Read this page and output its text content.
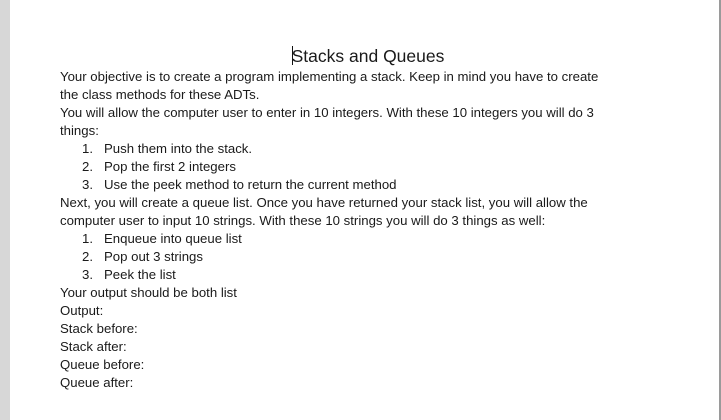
Stacks and Queues

Your objective is to create a program implementing a stack. Keep in mind you have to create

the class methods for these ADTs.

You will allow the computer user to enter in 10 integers. With these 10 integers you will do 3

things:

1. Push them into the stack.
2. Pop the first 2 integers
3. Use the peek method to return the current method

Next, you will create a queue list. Once you have returned your stack list, you will allow the

computer user to input 10 strings. With these 10 strings you will do 3 things as well:

1. Enqueue into queue list
2. Pop out 3 strings
3. Peek the list

Your output should be both list

Output:

Stack before:

Stack after:

Queue before:

Queue after:
